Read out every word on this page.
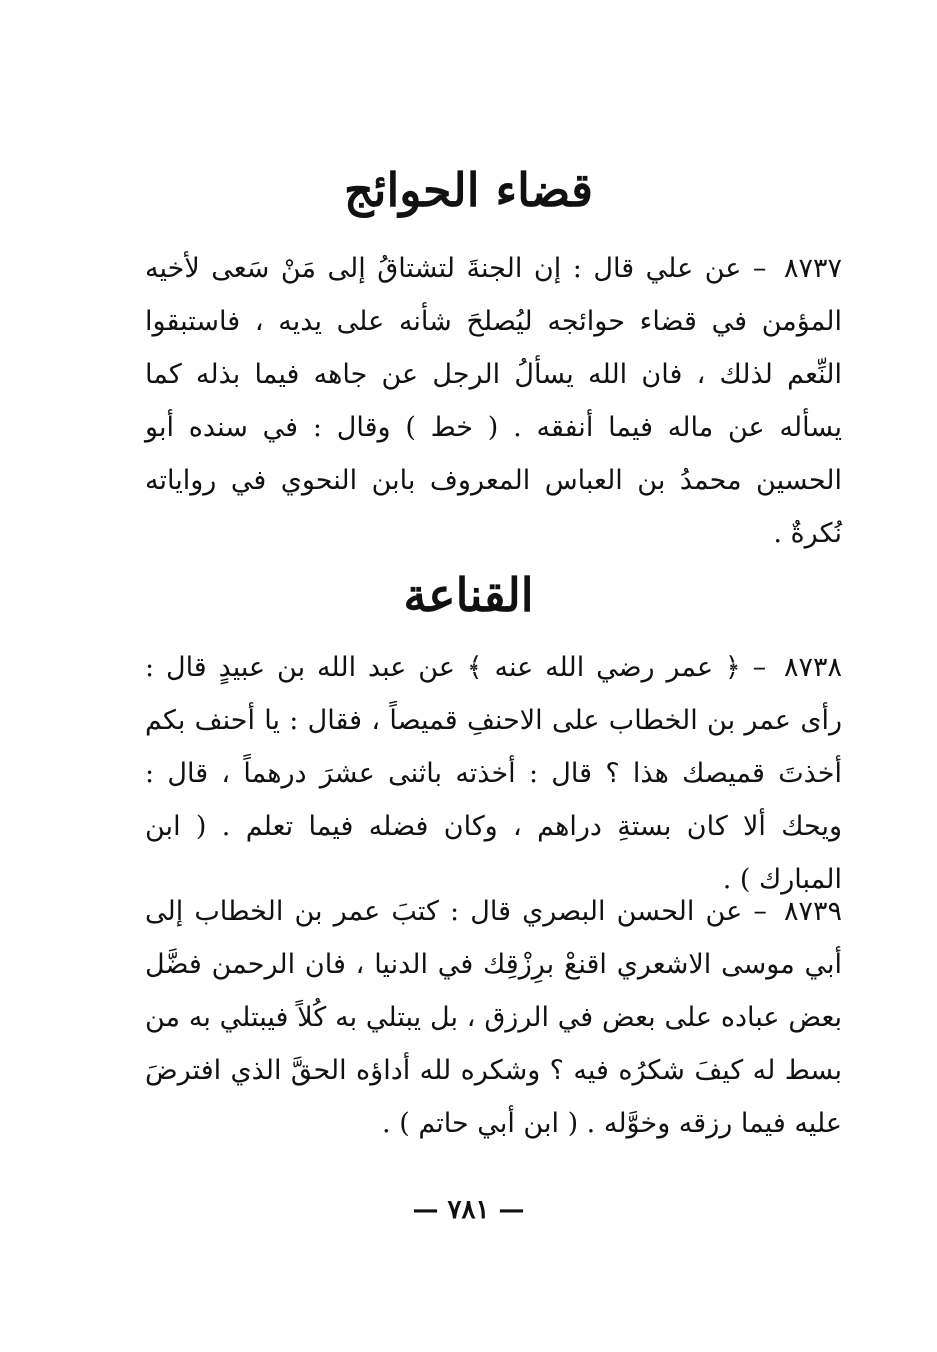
قضاء الحوائج
٨٧٣٧ – عن علي قال : إن الجنةَ لتشتاقُ إلى مَنْ سَعى لأخيه المؤمن في قضاء حوائجه ليُصلحَ شأنه على يديه ، فاستبقوا النِّعم لذلك ، فان الله يسألُ الرجل عن جاهه فيما بذله كما يسأله عن ماله فيما أنفقه . ( خط ) وقال : في سنده أبو الحسين محمدُ بن العباس المعروف بابن النحوي في رواياته نُكرةٌ .
القناعة
٨٧٣٨ – ﴿ عمر رضي الله عنه ﴾ عن عبد الله بن عبيدٍ قال : رأى عمر بن الخطاب على الاحنفِ قميصاً ، فقال : يا أحنف بكم أخذتَ قميصك هذا ؟ قال : أخذته باثنى عشرَ درهماً ، قال : ويحك ألا كان بستةِ دراهم ، وكان فضله فيما تعلم . ( ابن المبارك ) .
٨٧٣٩ – عن الحسن البصري قال : كتبَ عمر بن الخطاب إلى أبي موسى الاشعري اقنعْ برِزْقِك في الدنيا ، فان الرحمن فضَّل بعض عباده على بعض في الرزق ، بل يبتلي به كُلاً فيبتلي به من بسط له كيفَ شكرُه فيه ؟ وشكره لله أداؤه الحقَّ الذي افترضَ عليه فيما رزقه وخوَّله . ( ابن أبي حاتم ) .
— ٧٨١ —
